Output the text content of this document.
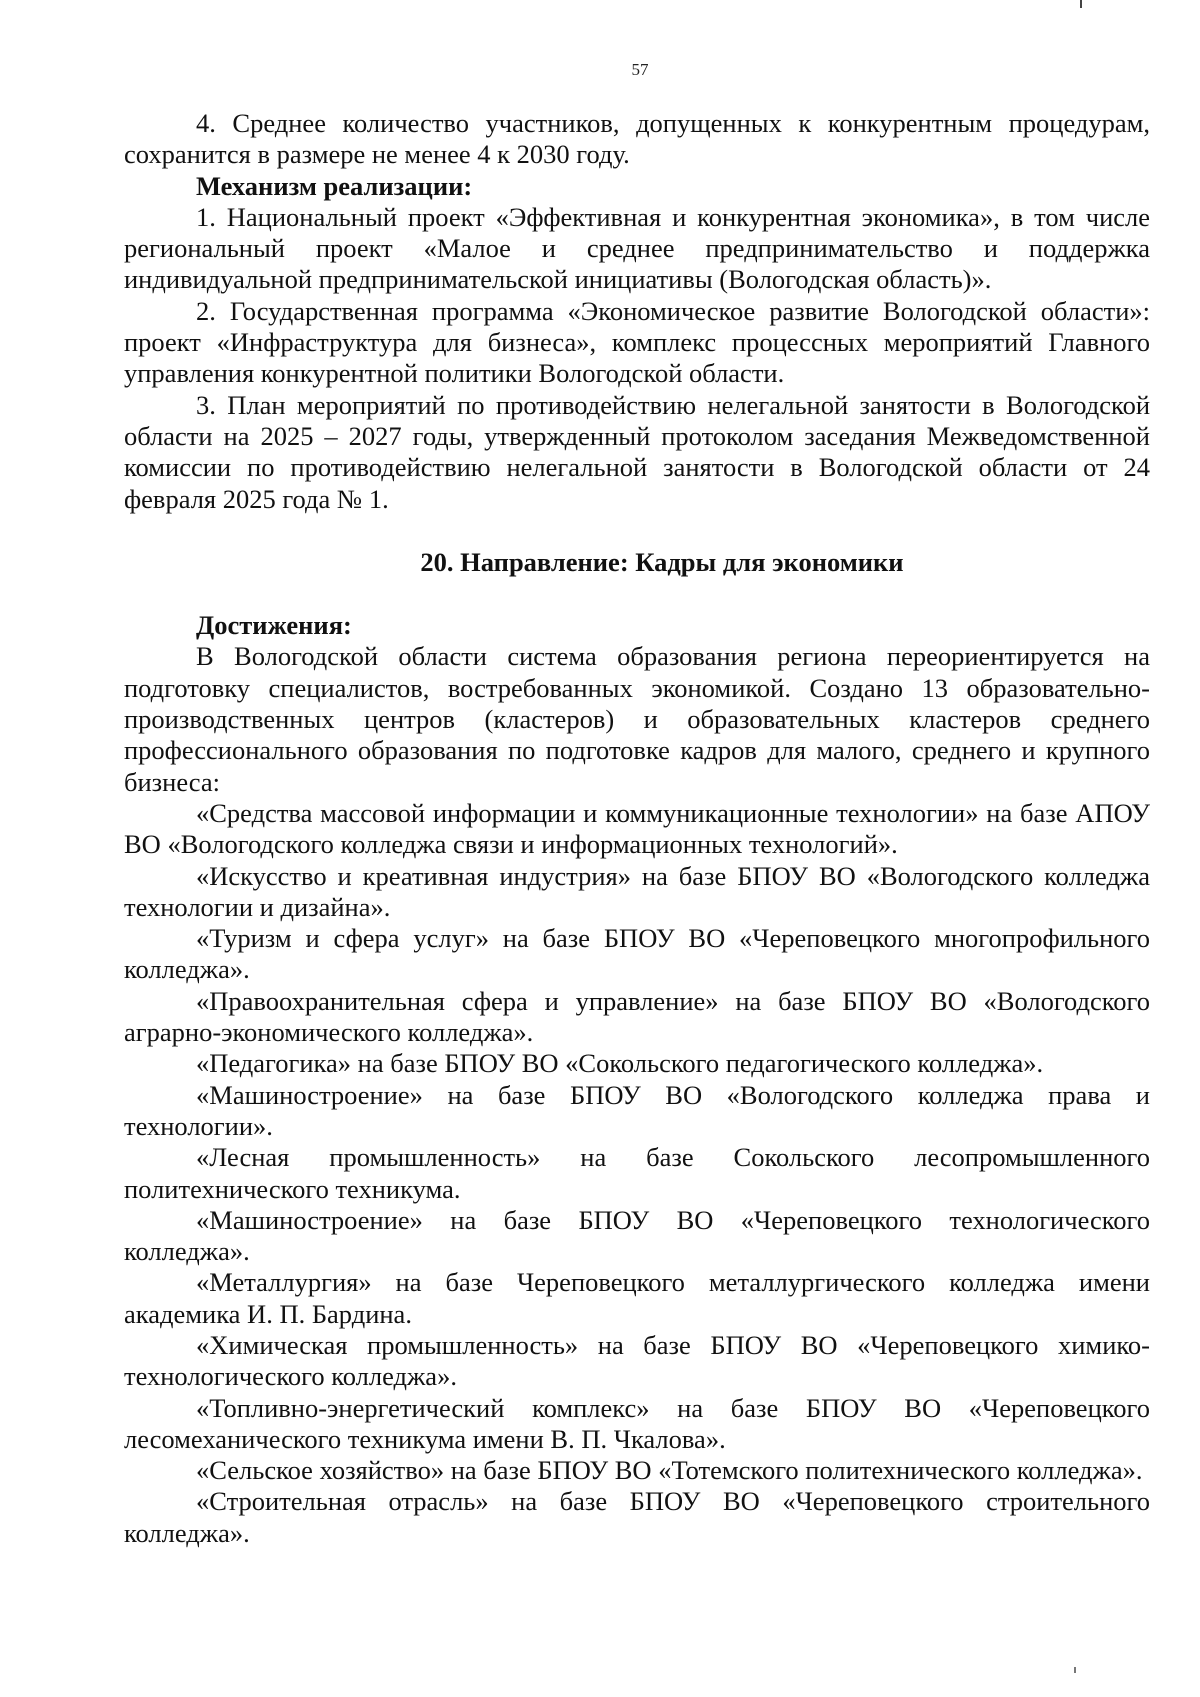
57

4. Среднее количество участников, допущенных к конкурентным процедурам, сохранится в размере не менее 4 к 2030 году.

Механизм реализации:

1. Национальный проект «Эффективная и конкурентная экономика», в том числе региональный проект «Малое и среднее предпринимательство и поддержка индивидуальной предпринимательской инициативы (Вологодская область)».

2. Государственная программа «Экономическое развитие Вологодской области»: проект «Инфраструктура для бизнеса», комплекс процессных мероприятий Главного управления конкурентной политики Вологодской области.

3. План мероприятий по противодействию нелегальной занятости в Вологодской области на 2025 – 2027 годы, утвержденный протоколом заседания Межведомственной комиссии по противодействию нелегальной занятости в Вологодской области от 24 февраля 2025 года № 1.

20. Направление: Кадры для экономики

Достижения:

В Вологодской области система образования региона переориентируется на подготовку специалистов, востребованных экономикой. Создано 13 образовательно-производственных центров (кластеров) и образовательных кластеров среднего профессионального образования по подготовке кадров для малого, среднего и крупного бизнеса:

«Средства массовой информации и коммуникационные технологии» на базе АПОУ ВО «Вологодского колледжа связи и информационных технологий».

«Искусство и креативная индустрия» на базе БПОУ ВО «Вологодского колледжа технологии и дизайна».

«Туризм и сфера услуг» на базе БПОУ ВО «Череповецкого многопрофильного колледжа».

«Правоохранительная сфера и управление» на базе БПОУ ВО «Вологодского аграрно-экономического колледжа».

«Педагогика» на базе БПОУ ВО «Сокольского педагогического колледжа».

«Машиностроение» на базе БПОУ ВО «Вологодского колледжа права и технологии».

«Лесная промышленность» на базе Сокольского лесопромышленного политехнического техникума.

«Машиностроение» на базе БПОУ ВО «Череповецкого технологического колледжа».

«Металлургия» на базе Череповецкого металлургического колледжа имени академика И. П. Бардина.

«Химическая промышленность» на базе БПОУ ВО «Череповецкого химико-технологического колледжа».

«Топливно-энергетический комплекс» на базе БПОУ ВО «Череповецкого лесомеханического техникума имени В. П. Чкалова».

«Сельское хозяйство» на базе БПОУ ВО «Тотемского политехнического колледжа».

«Строительная отрасль» на базе БПОУ ВО «Череповецкого строительного колледжа».
